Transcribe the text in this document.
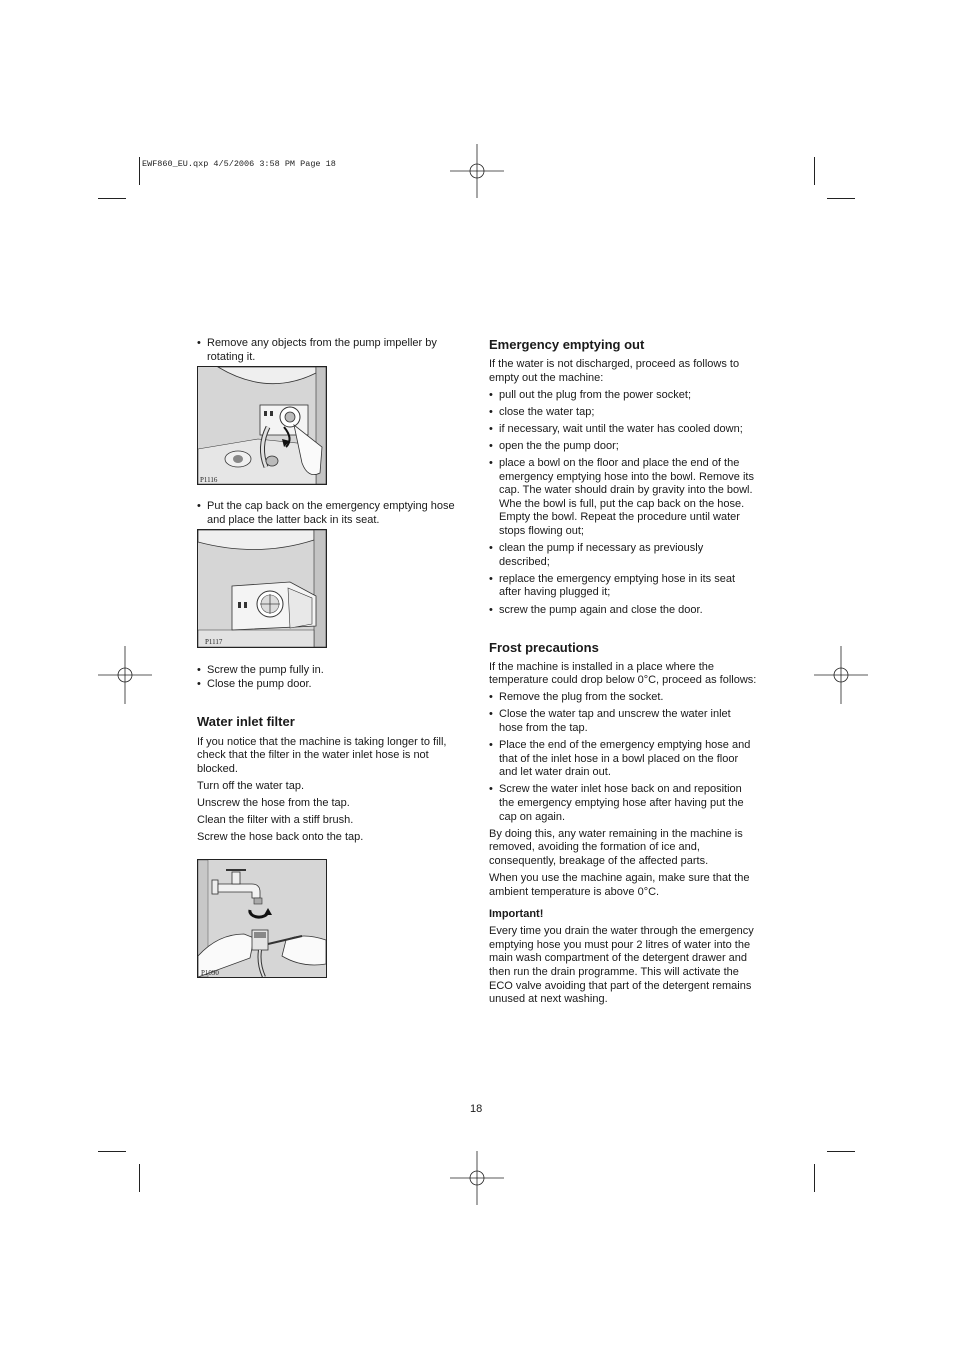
EWF860_EU.qxp 4/5/2006 3:58 PM Page 18
• Remove any objects from the pump impeller by rotating it.
P1116
• Put the cap back on the emergency emptying hose and place the latter back in its seat.
P1117
• Screw the pump fully in.
• Close the pump door.
Water inlet filter
If you notice that the machine is taking longer to fill, check that the filter in the water inlet hose is not blocked.
Turn off the water tap.
Unscrew the hose from the tap.
Clean the filter with a stiff brush.
Screw the hose back onto the tap.
P1090
Emergency emptying out
If the water is not discharged, proceed as follows to empty out the machine:
• pull out the plug from the power socket;
• close the water tap;
• if necessary, wait until the water has cooled down;
• open the the pump door;
• place a bowl on the floor and place the end of the emergency emptying hose into the bowl. Remove its cap. The water should drain by gravity into the bowl. Whe the bowl is full, put the cap back on the hose. Empty the bowl. Repeat the procedure until water stops flowing out;
• clean the pump if necessary as previously described;
• replace the emergency emptying hose in its seat after having plugged it;
• screw the pump again and close the door.
Frost precautions
If the machine is installed in a place where the temperature could drop below 0°C, proceed as follows:
• Remove the plug from the socket.
• Close the water tap and unscrew the water inlet hose from the tap.
• Place the end of the emergency emptying hose and that of the inlet hose in a bowl placed on the floor and let water drain out.
• Screw the water inlet hose back on and reposition the emergency emptying hose after having put the cap on again.
By doing this, any water remaining in the machine is removed, avoiding the formation of ice and, consequently, breakage of the affected parts.
When you use the machine again, make sure that the ambient temperature is above 0°C.
Important!
Every time you drain the water through the emergency emptying hose you must pour 2 litres of water into the main wash compartment of the detergent drawer and then run the drain programme. This will activate the ECO valve avoiding that part of the detergent remains unused at next washing.
18
